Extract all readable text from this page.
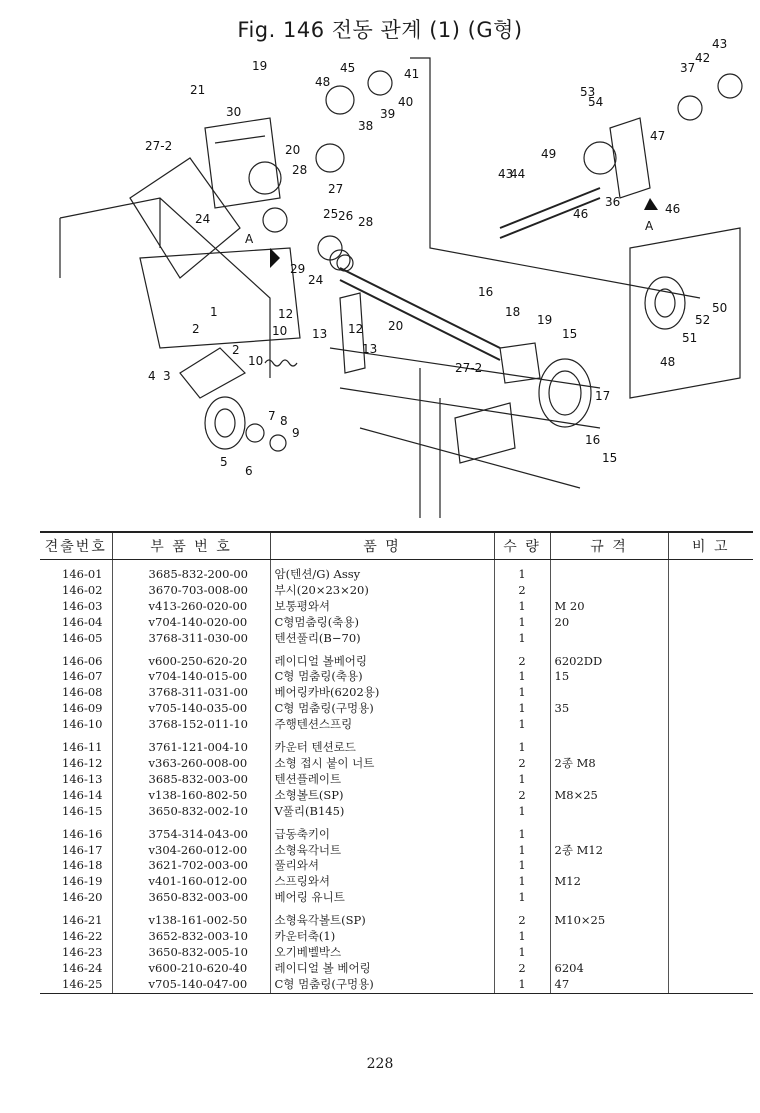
Fig. 146 전동 관계 (1) (G형)
19
21
30
48
45
38
39
40
41
27-2	20
28
27
24	25 26 28
29
24
A
20
12
10 13 12
13
10
1
2
2
4 3
5
6
7 8
9
16
18
19
15
27-2
17
16
15
43
44
49
46
36
53
54
37
42
43
47
46
A
50
52
51
48
견출번호	부 품 번 호	품 명	수 량	규 격	비 고

146-01	3685-832-200-00	암(텐션/G) Assy	1		
146-02	3670-703-008-00	부시(20×23×20)	2		
146-03	v413-260-020-00	보통평와셔	1	M 20	
146-04	v704-140-020-00	C형멈춤링(축용)	1	20	
146-05	3768-311-030-00	텐션풀리(B−70)	1		

146-06	v600-250-620-20	레이디얼 볼베어링	2	6202DD	
146-07	v704-140-015-00	C형 멈춤링(축용)	1	15	
146-08	3768-311-031-00	베어링카바(6202용)	1		
146-09	v705-140-035-00	C형 멈춤링(구멍용)	1	35	
146-10	3768-152-011-10	주행텐션스프링	1		

146-11	3761-121-004-10	카운터 텐션로드	1		
146-12	v363-260-008-00	소형 접시 붙이 너트	2	2종 M8	
146-13	3685-832-003-00	텐션플레이트	1		
146-14	v138-160-802-50	소형볼트(SP)	2	M8×25	
146-15	3650-832-002-10	V풀리(B145)	1		

146-16	3754-314-043-00	급동축키이	1		
146-17	v304-260-012-00	소형육각너트	1	2종 M12	
146-18	3621-702-003-00	풀리와셔	1		
146-19	v401-160-012-00	스프링와셔	1	M12	
146-20	3650-832-003-00	베어링 유니트	1		

146-21	v138-161-002-50	소형육각볼트(SP)	2	M10×25	
146-22	3652-832-003-10	카운터축(1)	1		
146-23	3650-832-005-10	오기베벨박스	1		
146-24	v600-210-620-40	레이디얼 볼 베어링	2	6204	
146-25	v705-140-047-00	C형 멈춤링(구멍용)	1	47	
228
